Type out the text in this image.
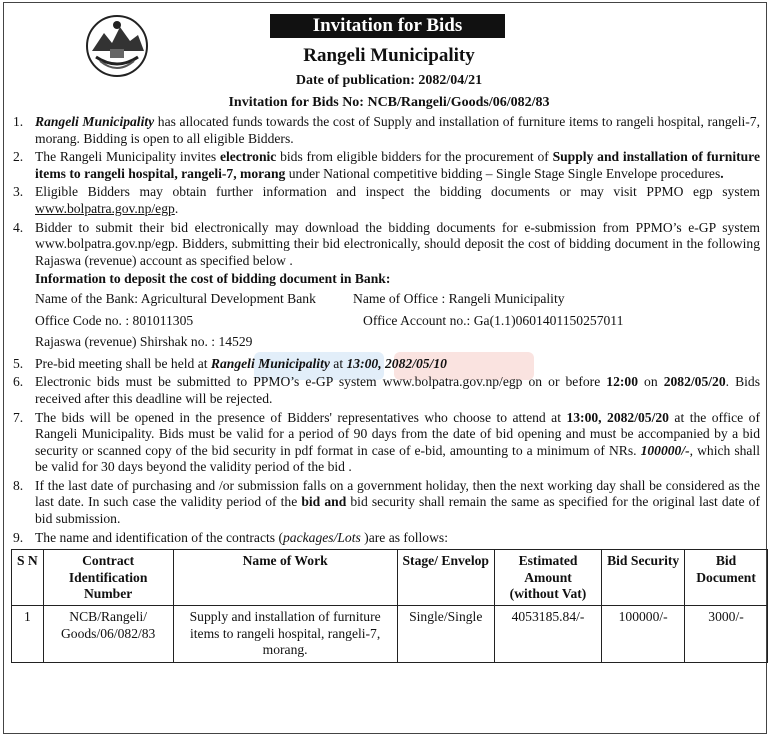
Invitation for Bids
Rangeli Municipality
Date of publication: 2082/04/21
Invitation for Bids No: NCB/Rangeli/Goods/06/082/83
1. Rangeli Municipality has allocated funds towards the cost of Supply and installation of furniture items to rangeli hospital, rangeli-7, morang. Bidding is open to all eligible Bidders.
2. The Rangeli Municipality invites electronic bids from eligible bidders for the procurement of Supply and installation of furniture items to rangeli hospital, rangeli-7, morang under National competitive bidding – Single Stage Single Envelope procedures.
3. Eligible Bidders may obtain further information and inspect the bidding documents or may visit PPMO egp system www.bolpatra.gov.np/egp.
4. Bidder to submit their bid electronically may download the bidding documents for e-submission from PPMO’s e-GP system www.bolpatra.gov.np/egp. Bidders, submitting their bid electronically, should deposit the cost of bidding document in the following Rajaswa (revenue) account as specified below .
Information to deposit the cost of bidding document in Bank:
Name of the Bank: Agricultural Development Bank	Name of Office : Rangeli Municipality
Office Code no. : 801011305	Office Account no.: Ga(1.1)0601401150257011
Rajaswa (revenue) Shirshak no. : 14529
5. Pre-bid meeting shall be held at Rangeli Municipality at 13:00, 2082/05/10
6. Electronic bids must be submitted to PPMO’s e-GP system www.bolpatra.gov.np/egp on or before 12:00 on 2082/05/20. Bids received after this deadline will be rejected.
7. The bids will be opened in the presence of Bidders' representatives who choose to attend at 13:00, 2082/05/20 at the office of Rangeli Municipality. Bids must be valid for a period of 90 days from the date of bid opening and must be accompanied by a bid security or scanned copy of the bid security in pdf format in case of e-bid, amounting to a minimum of NRs. 100000/-, which shall be valid for 30 days beyond the validity period of the bid .
8. If the last date of purchasing and /or submission falls on a government holiday, then the next working day shall be considered as the last date. In such case the validity period of the bid and bid security shall remain the same as specified for the original last date of bid submission.
9. The name and identification of the contracts (packages/Lots )are as follows:
S N	Contract Identification Number	Name of Work	Stage/ Envelop	Estimated Amount (without Vat)	Bid Security	Bid Document
1	NCB/Rangeli/ Goods/06/082/83	Supply and installation of furniture items to rangeli hospital, rangeli-7, morang.	Single/Single	4053185.84/-	100000/-	3000/-
